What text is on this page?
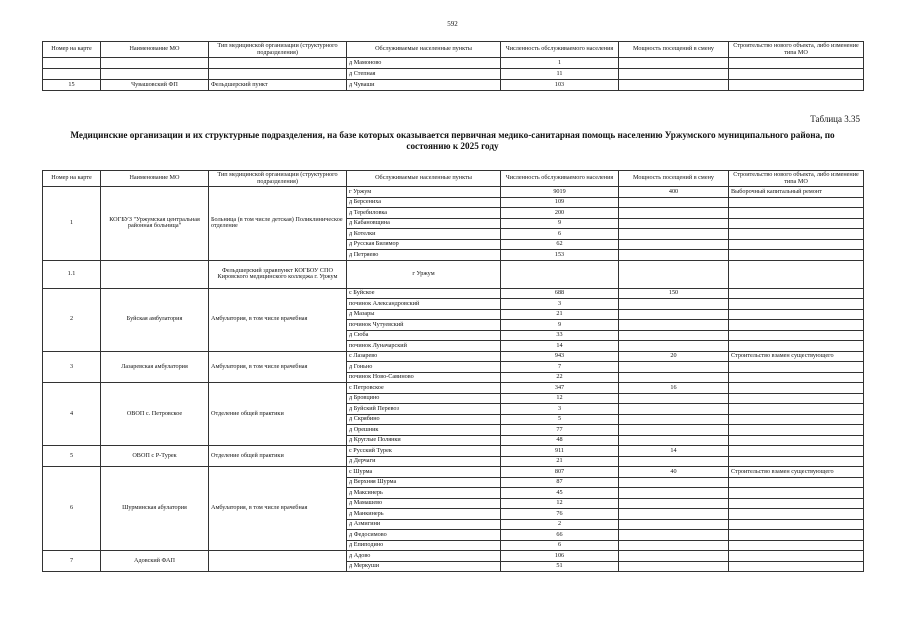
592
Номер на карте	Наименование МО	Тип медицинской организации (структурного подразделения)	Обслуживаемые населенные пункты	Численность обслуживаемого населения	Мощность посещений в смену	Строительство нового объекта, либо изменение типа МО
			д Мамоново	1		
			д Степная	11		
15	Чувашовский ФП	Фельдшерский пункт	д Чуваши	103		
Таблица 3.35
Медицинские организации и их структурные подразделения, на базе которых оказывается первичная медико-санитарная помощь населению Уржумского муниципального района, по состоянию к 2025 году
Номер на карте	Наименование МО	Тип медицинской организации (структурного подразделения)	Обслуживаемые населенные пункты	Численность обслуживаемого населения	Мощность посещений в смену	Строительство нового объекта, либо изменение типа МО
1	КОГБУЗ "Уржумская центральная районная больница"	Больница (в том числе детская) Поликлиническое отделение	г Уржум	9019	400	Выборочный капитальный ремонт
			д Берсениха	109		
			д Теребиловка	200		
			д Кабановщина	9		
			д Котелки	6		
			д Русская Билямор	62		
			д Петряево	153		
1.1		Фельдшерский здравпункт КОГБОУ СПО Кировского медицинского колледжа г. Уржум	г Уржум			
2	Буйская амбулатория	Амбулатория, в том числе врачебная	с Буйское	688	150	
			починок Александровский	3		
			д Мазары	21		
			починок Чутуевский	9		
			д Сюба	33		
			починок Луначарский	14		
3	Лазаревская амбулатория	Амбулатория, в том числе врачебная	с Лазарево	943	20	Строительство взамен существующего
			д Гоньно	7		
			починок Ново-Савиново	22		
4	ОВОП с. Петровское	Отделение общей практики	с Петровское	347	16	
			д Бровцино	12		
			д Буйский Перевоз	3		
			д Скрябино	5		
			д Орешник	77		
			д Круглые Полянки	48		
5	ОВОП с Р-Турек	Отделение общей практики	с Русский Турек	911	14	
			д Дерчаги	21		
6	Шурминская абулатория	Амбулатория, в том числе врачебная	с Шурма	807	40	Строительство взамен существующего
			д Верхняя Шурма	87		
			д Максинерь	45		
			д Мамашево	12		
			д Манкинерь	76		
			д Азмигини	2		
			д Федосимово	66		
			д Епиподино	6		
7	Адовский ФАП		д Адово	106		
			д Меркуши	51		
